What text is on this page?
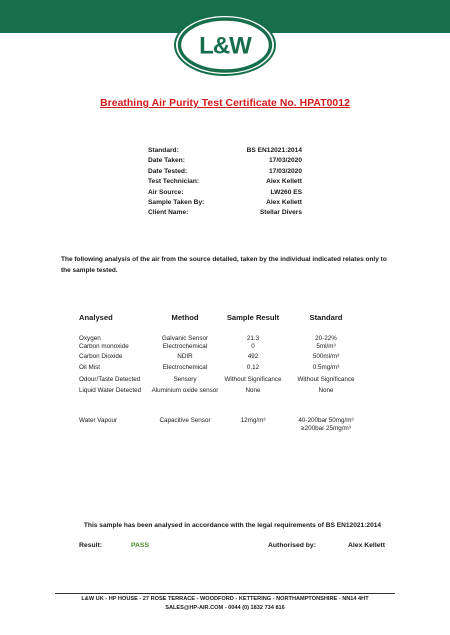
L&W
Breathing Air Purity Test Certificate No. HPAT0012
Standard:	BS EN12021:2014
Date Taken:	17/03/2020
Date Tested:	17/03/2020
Test Technician:	Alex Kellett
Air Source:	LW260 ES
Sample Taken By:	Alex Kellett
Client Name:	Stellar Divers
The following analysis of the air from the source detailed, taken by the individual indicated relates only to the sample tested.
Analysed	Method	Sample Result	Standard
Oxygen	Galvanic Sensor	21.3	20-22%
Carbon monoxide	Electrochemical	0	5ml/m³
Carbon Dioxide	NDIR	492	500ml/m³
Oil Mist	Electrochemical	0.12	0.5mg/m³
Odour/Taste Detected	Sensory	Without Significance	Without Significance
Liquid Water Detected	Aluminium oxide sensor	None	None
Water Vapour	Capacitive Sensor	12mg/m³	40-200bar 50mg/m³ ≥200bar 25mg/m³
This sample has been analysed in accordance with the legal requirements of BS EN12021:2014
Result:	PASS	Authorised by:	Alex Kellett
L&W UK - HP HOUSE - 27 ROSE TERRACE - WOODFORD - KETTERING - NORTHAMPTONSHIRE - NN14 4HT
SALES@HP-AIR.COM - 0044 (0) 1832 734 816
